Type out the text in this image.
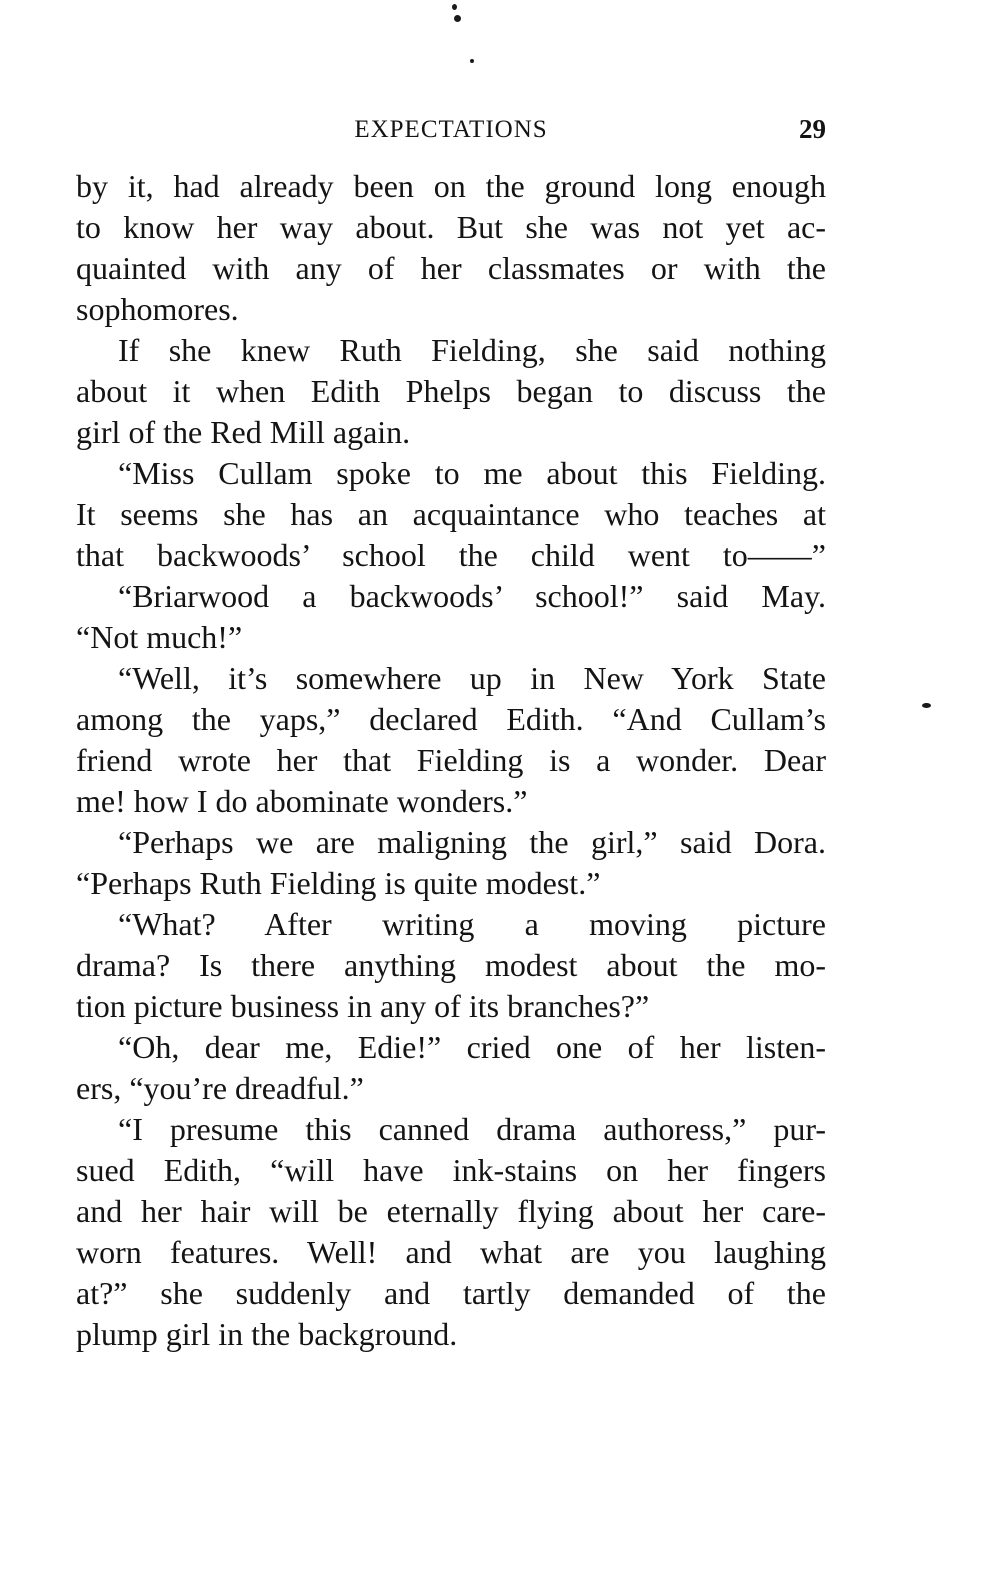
EXPECTATIONS	29
by it, had already been on the ground long enough
to know her way about. But she was not yet ac-
quainted with any of her classmates or with the
sophomores.
If she knew Ruth Fielding, she said nothing
about it when Edith Phelps began to discuss the
girl of the Red Mill again.
“Miss Cullam spoke to me about this Fielding.
It seems she has an acquaintance who teaches at
that backwoods’ school the child went to——”
“Briarwood a backwoods’ school!” said May.
“Not much!”
“Well, it’s somewhere up in New York State
among the yaps,” declared Edith. “And Cullam’s
friend wrote her that Fielding is a wonder. Dear
me! how I do abominate wonders.”
“Perhaps we are maligning the girl,” said Dora.
“Perhaps Ruth Fielding is quite modest.”
“What? After writing a moving picture
drama? Is there anything modest about the mo-
tion picture business in any of its branches?”
“Oh, dear me, Edie!” cried one of her listen-
ers, “you’re dreadful.”
“I presume this canned drama authoress,” pur-
sued Edith, “will have ink-stains on her fingers
and her hair will be eternally flying about her care-
worn features. Well! and what are you laughing
at?” she suddenly and tartly demanded of the
plump girl in the background.
